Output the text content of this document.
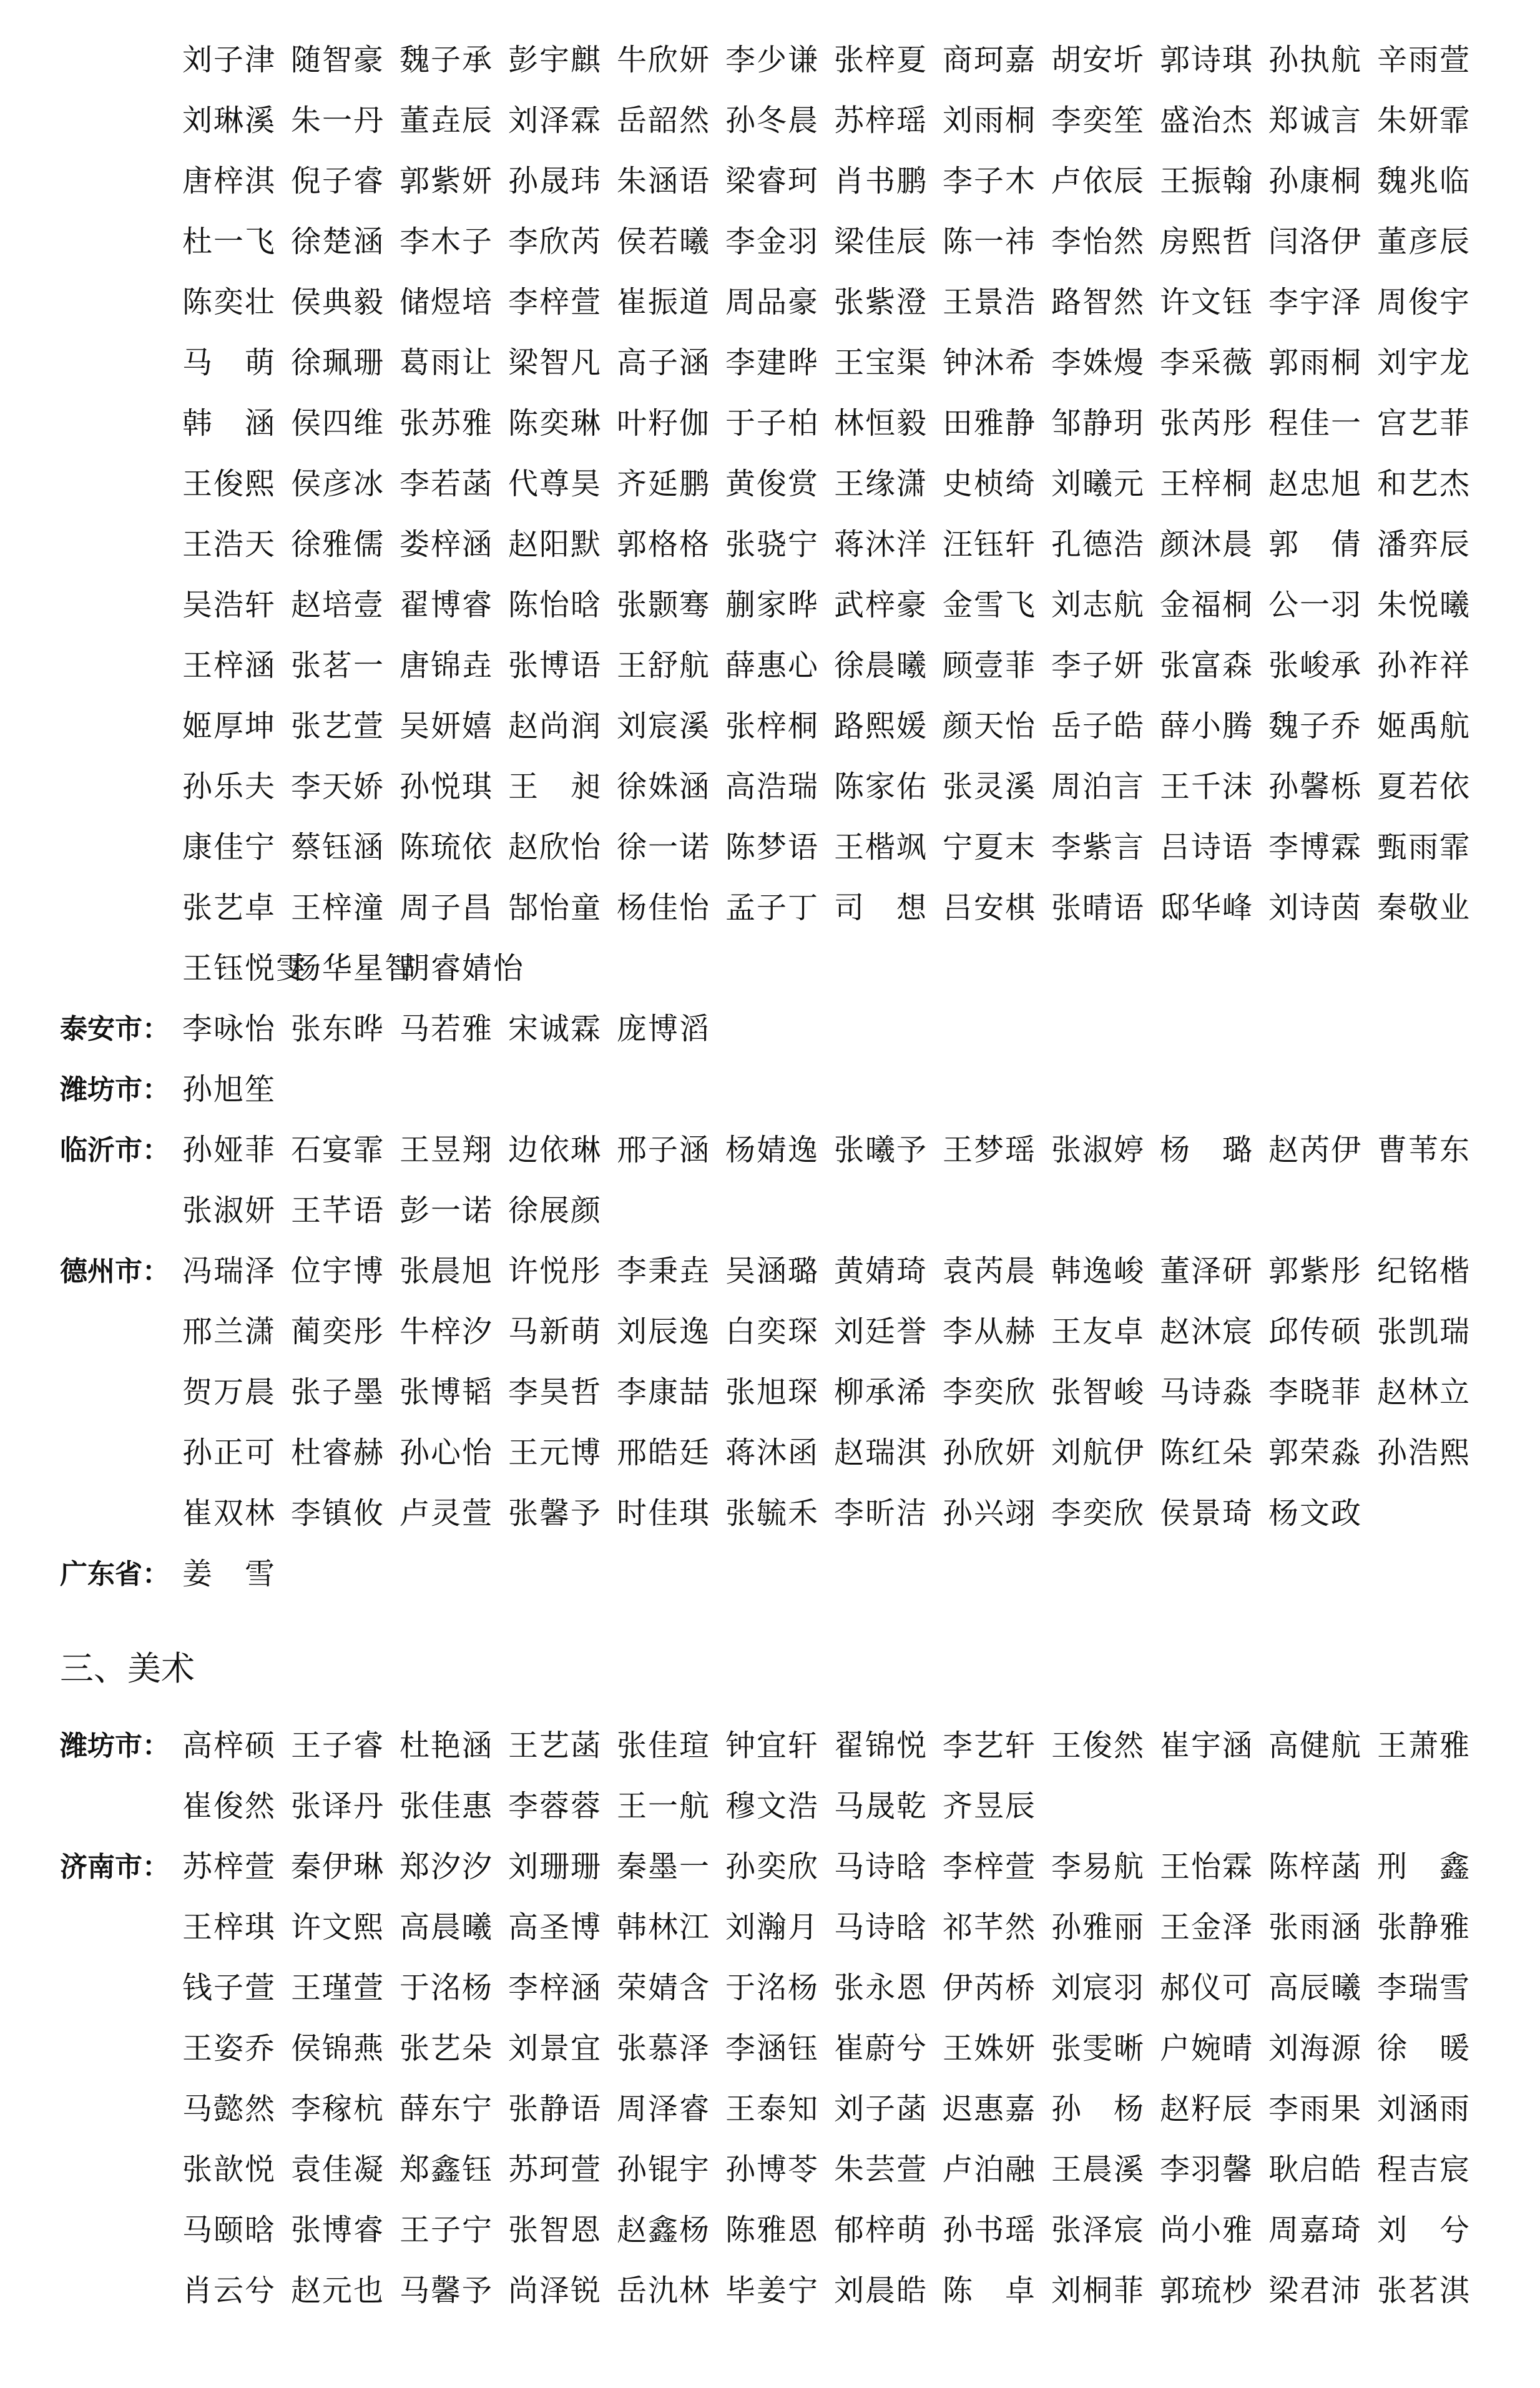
刘子津 随智豪 魏子承 彭宇麒 牛欣妍 李少谦 张梓夏 商珂嘉 胡安圻 郭诗琪 孙执航 辛雨萱
刘琳溪 朱一丹 董垚辰 刘泽霖 岳韶然 孙冬晨 苏梓瑶 刘雨桐 李奕笙 盛治杰 郑诚言 朱妍霏
唐梓淇 倪子睿 郭紫妍 孙晟玮 朱涵语 梁睿珂 肖书鹏 李子木 卢依辰 王振翰 孙康桐 魏兆临
杜一飞 徐楚涵 李木子 李欣芮 侯若曦 李金羽 梁佳辰 陈一祎 李怡然 房熙哲 闫洛伊 董彦辰
陈奕壮 侯典毅 储煜培 李梓萱 崔振道 周品豪 张紫澄 王景浩 路智然 许文钰 李宇泽 周俊宇
马　萌 徐珮珊 葛雨让 梁智凡 高子涵 李建晔 王宝渠 钟沐希 李姝熳 李采薇 郭雨桐 刘宇龙
韩　涵 侯四维 张苏雅 陈奕琳 叶籽伽 于子柏 林恒毅 田雅静 邹静玥 张芮彤 程佳一 宫艺菲
王俊熙 侯彦冰 李若菡 代尊昊 齐延鹏 黄俊赏 王缘潇 史桢绮 刘曦元 王梓桐 赵忠旭 和艺杰
王浩天 徐雅儒 娄梓涵 赵阳默 郭格格 张骁宁 蒋沐洋 汪钰轩 孔德浩 颜沐晨 郭　倩 潘弈辰
吴浩轩 赵培壹 翟博睿 陈怡晗 张颢骞 蒯家晔 武梓豪 金雪飞 刘志航 金福桐 公一羽 朱悦曦
王梓涵 张茗一 唐锦垚 张博语 王舒航 薛惠心 徐晨曦 顾壹菲 李子妍 张富森 张峻承 孙祚祥
姬厚坤 张艺萱 吴妍嬉 赵尚润 刘宸溪 张梓桐 路熙媛 颜天怡 岳子皓 薛小腾 魏子乔 姬禹航
孙乐夫 李天娇 孙悦琪 王　昶 徐姝涵 高浩瑞 陈家佑 张灵溪 周泊言 王千沫 孙馨栎 夏若依
康佳宁 蔡钰涵 陈琉依 赵欣怡 徐一诺 陈梦语 王楷飒 宁夏末 李紫言 吕诗语 李博霖 甄雨霏
张艺卓 王梓潼 周子昌 郜怡童 杨佳怡 孟子丁 司　想 吕安棋 张晴语 邸华峰 刘诗茵 秦敬业
王钰悦雯
杨华星智
胡睿婧怡
泰安市： 李咏怡 张东晔 马若雅 宋诚霖 庞博滔
潍坊市： 孙旭笙
临沂市： 孙娅菲 石宴霏 王昱翔 边依琳 邢子涵 杨婧逸 张曦予 王梦瑶 张淑婷 杨　璐 赵芮伊 曹苇东
张淑妍 王芊语 彭一诺 徐展颜
德州市： 冯瑞泽 位宇博 张晨旭 许悦彤 李秉垚 吴涵璐 黄婧琦 袁芮晨 韩逸峻 董泽研 郭紫彤 纪铭楷
邢兰潇 蔺奕彤 牛梓汐 马新萌 刘辰逸 白奕琛 刘廷誉 李从赫 王友卓 赵沐宸 邱传硕 张凯瑞
贺万晨 张子墨 张博韬 李昊哲 李康喆 张旭琛 柳承浠 李奕欣 张智峻 马诗淼 李晓菲 赵林立
孙正可 杜睿赫 孙心怡 王元博 邢皓廷 蒋沐函 赵瑞淇 孙欣妍 刘航伊 陈红朵 郭荣淼 孙浩熙
崔双林 李镇攸 卢灵萱 张馨予 时佳琪 张毓禾 李昕洁 孙兴翊 李奕欣 侯景琦 杨文政
广东省： 姜　雪
三、美术
潍坊市： 高梓硕 王子睿 杜艳涵 王艺菡 张佳瑄 钟宜轩 翟锦悦 李艺轩 王俊然 崔宇涵 高健航 王萧雅
崔俊然 张译丹 张佳惠 李蓉蓉 王一航 穆文浩 马晟乾 齐昱辰
济南市： 苏梓萱 秦伊琳 郑汐汐 刘珊珊 秦墨一 孙奕欣 马诗晗 李梓萱 李易航 王怡霖 陈梓菡 刑　鑫
王梓琪 许文熙 高晨曦 高圣博 韩林江 刘瀚月 马诗晗 祁芊然 孙雅丽 王金泽 张雨涵 张静雅
钱子萱 王瑾萱 于洺杨 李梓涵 荣婧含 于洺杨 张永恩 伊芮桥 刘宸羽 郝仪可 高辰曦 李瑞雪
王姿乔 侯锦燕 张艺朵 刘景宜 张慕泽 李涵钰 崔蔚兮 王姝妍 张雯晰 户婉晴 刘海源 徐　暖
马懿然 李稼杭 薛东宁 张静语 周泽睿 王泰知 刘子菡 迟惠嘉 孙　杨 赵籽辰 李雨果 刘涵雨
张歆悦 袁佳凝 郑鑫钰 苏珂萱 孙锟宇 孙博苓 朱芸萱 卢泊融 王晨溪 李羽馨 耿启皓 程吉宸
马颐晗 张博睿 王子宁 张智恩 赵鑫杨 陈雅恩 郁梓萌 孙书瑶 张泽宸 尚小雅 周嘉琦 刘　兮
肖云兮 赵元也 马馨予 尚泽锐 岳氿林 毕姜宁 刘晨皓 陈　卓 刘桐菲 郭琉杪 梁君沛 张茗淇
